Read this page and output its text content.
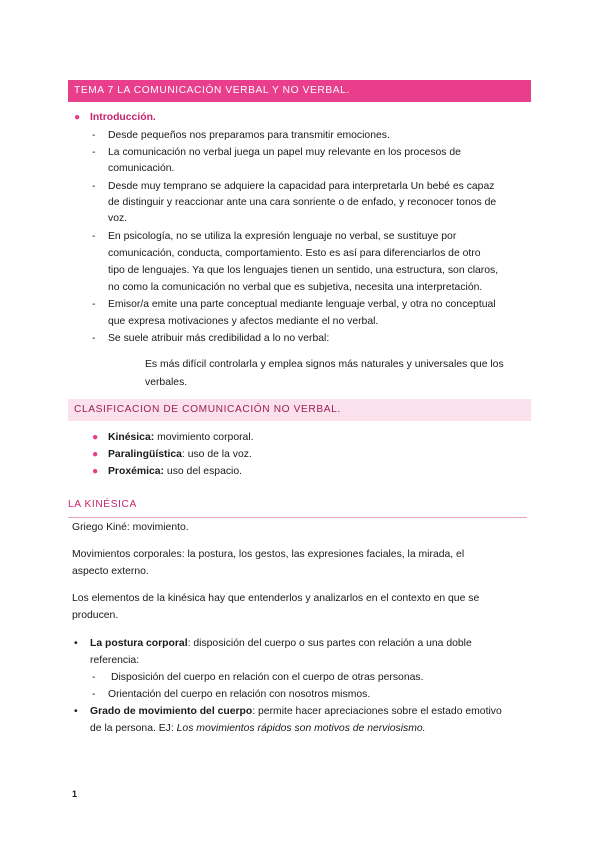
TEMA 7 LA COMUNICACIÓN VERBAL Y NO VERBAL.
● Introducción.
- Desde pequeños nos preparamos para transmitir emociones.
- La comunicación no verbal juega un papel muy relevante en los procesos de
comunicación.
- Desde muy temprano se adquiere la capacidad para interpretarla Un bebé es capaz
de distinguir y reaccionar ante una cara sonriente o de enfado, y reconocer tonos de
voz.
- En psicología, no se utiliza la expresión lenguaje no verbal, se sustituye por
comunicación, conducta, comportamiento. Esto es así para diferenciarlos de otro
tipo de lenguajes. Ya que los lenguajes tienen un sentido, una estructura, son claros,
no como la comunicación no verbal que es subjetiva, necesita una interpretación.
- Emisor/a emite una parte conceptual mediante lenguaje verbal, y otra no conceptual
que expresa motivaciones y afectos mediante el no verbal.
- Se suele atribuir más credibilidad a lo no verbal:
Es más difícil controlarla y emplea signos más naturales y universales que los
verbales.
CLASIFICACION DE COMUNICACIÓN NO VERBAL.
● Kinésica: movimiento corporal.
● Paralingüística: uso de la voz.
● Proxémica: uso del espacio.
LA KINÉSICA
Griego Kiné: movimiento.
Movimientos corporales: la postura, los gestos, las expresiones faciales, la mirada, el
aspecto externo.
Los elementos de la kinésica hay que entenderlos y analizarlos en el contexto en que se
producen.
• La postura corporal: disposición del cuerpo o sus partes con relación a una doble
referencia:
- Disposición del cuerpo en relación con el cuerpo de otras personas.
- Orientación del cuerpo en relación con nosotros mismos.
• Grado de movimiento del cuerpo: permite hacer apreciaciones sobre el estado emotivo
de la persona. EJ: Los movimientos rápidos son motivos de nerviosismo.
1
